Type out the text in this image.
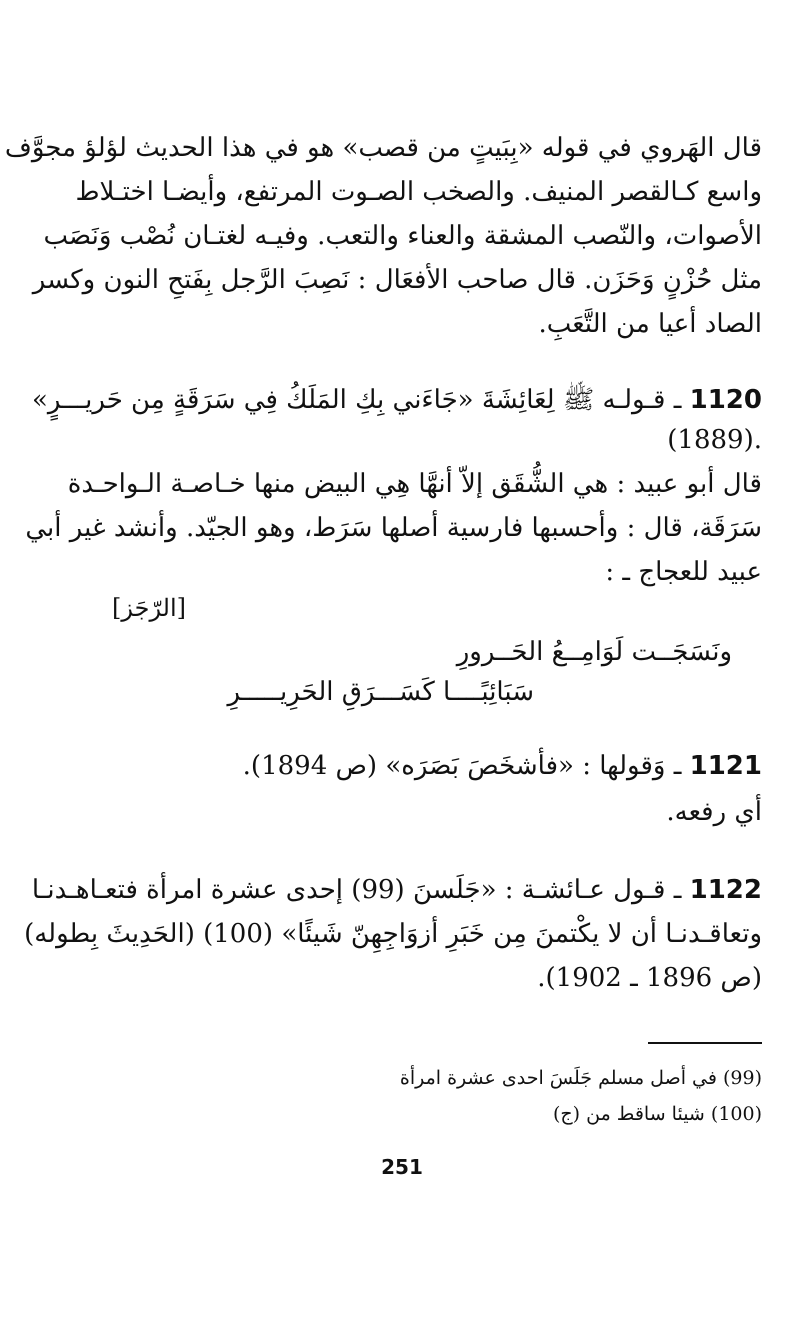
قال الهَروي في قوله «بِبَيتٍ من قصب» هو في هذا الحديث لؤلؤ مجوَّف
واسع كـالقصر المنيف. والصخب الصـوت المرتفع، وأيضـا اختـلاط
الأصوات، والنّصب المشقة والعناء والتعب. وفيـه لغتـان نُصْب وَنَصَب
مثل حُزْنٍ وَحَزَن. قال صاحب الأفعَال : نَصِبَ الرَّجل بِفَتحِ النون وكسر
الصاد أعيا من التَّعَبِ.
1120 ـ قـولـه ﷺ لِعَائِشَةَ «جَاءَني بِكِ المَلَكُ فِي سَرَقَةٍ مِن حَريـــرٍ»
.(1889)
قال أبو عبيد : هي الشُّقَق إلاّ أنهَّا هِي البيض منها خـاصـة الـواحـدة
سَرَقَة، قال : وأحسبها فارسية أصلها سَرَط، وهو الجيّد. وأنشد غير أبي
عبيد للعجاج ـ :
[الرّجَز]
ونَسَجَــت لَوَامِــعُ الحَــرورِ
سَبَائِبًــــا كَسَـــرَقِ الحَرِيـــــرِ
1121 ـ وَقولها : «فأشخَصَ بَصَرَه» (ص 1894).
أي رفعه.
1122 ـ قـول عـائشـة : «جَلَسنَ (99) إحدى عشرة امرأة فتعـاهـدنـا
وتعاقـدنـا أن لا يكْتمنَ مِن خَبَرِ أزوَاجِهِنّ شَيئًا» (100) (الحَدِيثَ بِطوله)
(ص 1896 ـ 1902).
(99) في أصل مسلم جَلَسَ احدى عشرة امرأة
(100) شيئا ساقط من (ج)
251
